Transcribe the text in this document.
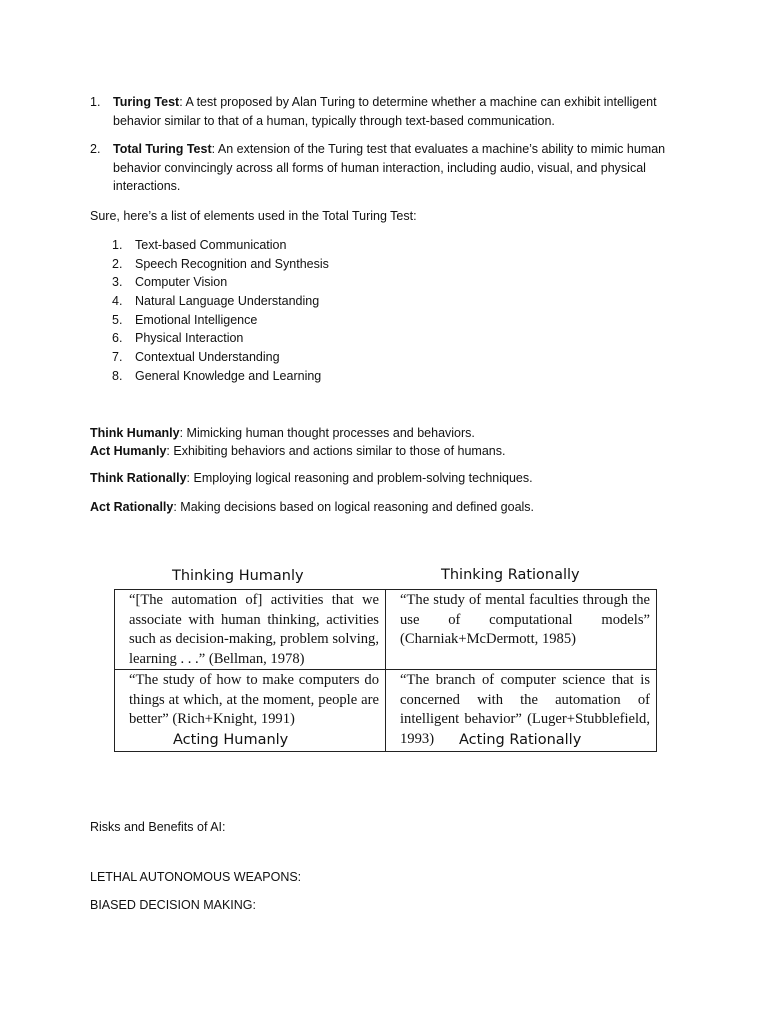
1. Turing Test: A test proposed by Alan Turing to determine whether a machine can exhibit intelligent behavior similar to that of a human, typically through text-based communication.
2. Total Turing Test: An extension of the Turing test that evaluates a machine’s ability to mimic human behavior convincingly across all forms of human interaction, including audio, visual, and physical interactions.

Sure, here’s a list of elements used in the Total Turing Test:

1. Text-based Communication
2. Speech Recognition and Synthesis
3. Computer Vision
4. Natural Language Understanding
5. Emotional Intelligence
6. Physical Interaction
7. Contextual Understanding
8. General Knowledge and Learning

Think Humanly: Mimicking human thought processes and behaviors.

Act Humanly: Exhibiting behaviors and actions similar to those of humans.

Think Rationally: Employing logical reasoning and problem-solving techniques.

Act Rationally: Making decisions based on logical reasoning and defined goals.

Thinking Humanly	Thinking Rationally
“[The automation of] activities that we associate with human thinking, activities such as decision-making, problem solving, learning . . .” (Bellman, 1978)	“The study of mental faculties through the use of computational models” (Charniak+McDermott, 1985)

“The study of how to make computers do things at which, at the moment, people are better” (Rich+Knight, 1991)	“The branch of computer science that is concerned with the automation of intelligent behavior” (Luger+Stubblefield, 1993)
Acting Humanly	Acting Rationally

Risks and Benefits of AI:

LETHAL AUTONOMOUS WEAPONS:

BIASED DECISION MAKING:
